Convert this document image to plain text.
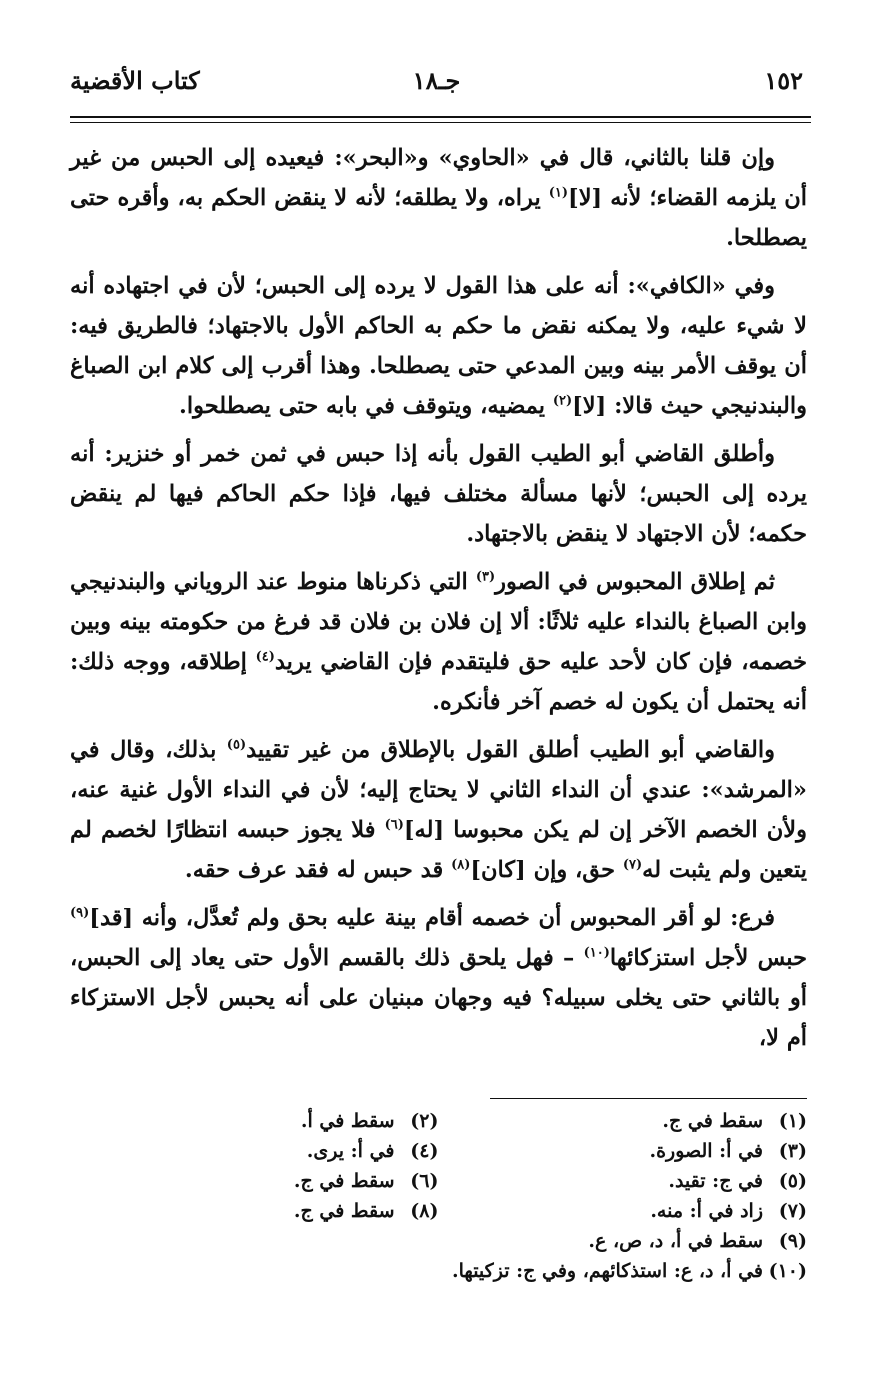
١٥٢
جـ١٨
كتاب الأقضية

وإن قلنا بالثاني، قال في «الحاوي» و«البحر»: فيعيده إلى الحبس من غير أن يلزمه القضاء؛ لأنه [لا]$^{(١)}$ يراه، ولا يطلقه؛ لأنه لا ينقض الحكم به، وأقره حتى يصطلحا.

وفي «الكافي»: أنه على هذا القول لا يرده إلى الحبس؛ لأن في اجتهاده أنه لا شيء عليه، ولا يمكنه نقض ما حكم به الحاكم الأول بالاجتهاد؛ فالطريق فيه: أن يوقف الأمر بينه وبين المدعي حتى يصطلحا. وهذا أقرب إلى كلام ابن الصباغ والبندنيجي حيث قالا: [لا]$^{(٢)}$ يمضيه، ويتوقف في بابه حتى يصطلحوا.

وأطلق القاضي أبو الطيب القول بأنه إذا حبس في ثمن خمر أو خنزير: أنه يرده إلى الحبس؛ لأنها مسألة مختلف فيها، فإذا حكم الحاكم فيها لم ينقض حكمه؛ لأن الاجتهاد لا ينقض بالاجتهاد.

ثم إطلاق المحبوس في الصور$^{(٣)}$ التي ذكرناها منوط عند الروياني والبندنيجي وابن الصباغ بالنداء عليه ثلاثًا: ألا إن فلان بن فلان قد فرغ من حكومته بينه وبين خصمه، فإن كان لأحد عليه حق فليتقدم فإن القاضي يريد$^{(٤)}$ إطلاقه، ووجه ذلك: أنه يحتمل أن يكون له خصم آخر فأنكره.

والقاضي أبو الطيب أطلق القول بالإطلاق من غير تقييد$^{(٥)}$ بذلك، وقال في «المرشد»: عندي أن النداء الثاني لا يحتاج إليه؛ لأن في النداء الأول غنية عنه، ولأن الخصم الآخر إن لم يكن محبوسا [له]$^{(٦)}$ فلا يجوز حبسه انتظارًا لخصم لم يتعين ولم يثبت له$^{(٧)}$ حق، وإن [كان]$^{(٨)}$ قد حبس له فقد عرف حقه.

فرع: لو أقر المحبوس أن خصمه أقام بينة عليه بحق ولم تُعدَّل، وأنه [قد]$^{(٩)}$ حبس لأجل استزكائها$^{(١٠)}$ – فهل يلحق ذلك بالقسم الأول حتى يعاد إلى الحبس، أو بالثاني حتى يخلى سبيله؟ فيه وجهان مبنيان على أنه يحبس لأجل الاستزكاء أم لا،

(١)سقط في ج.
(٢)سقط في أ.
(٣)في أ: الصورة.
(٤)في أ: يرى.
(٥)في ج: تقيد.
(٦)سقط في ج.
(٧)زاد في أ: منه.
(٨)سقط في ج.
(٩)سقط في أ، د، ص، ع.
(١٠)في أ، د، ع: استذكائهم، وفي ج: تزكيتها.
